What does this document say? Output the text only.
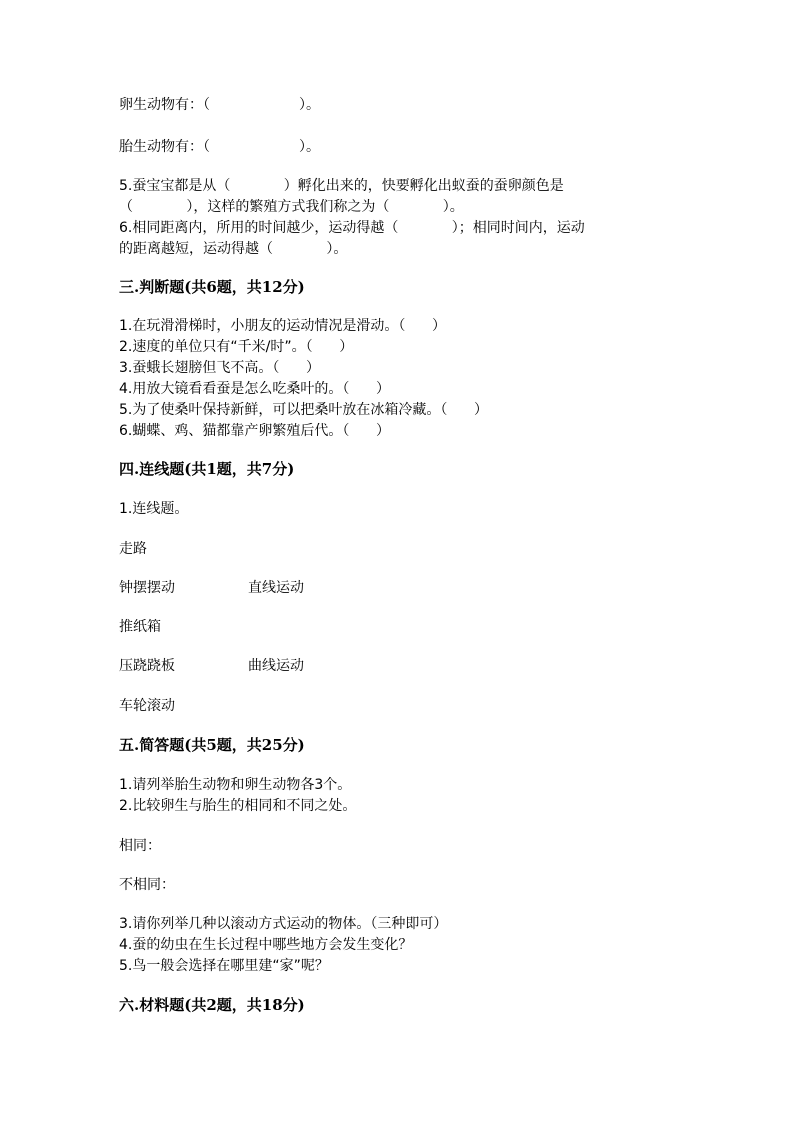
卵生动物有：（                    ）。
胎生动物有：（                    ）。
5.蚕宝宝都是从（            ）孵化出来的，快要孵化出蚁蚕的蚕卵颜色是
（            ），这样的繁殖方式我们称之为（            ）。
6.相同距离内，所用的时间越少，运动得越（            ）；相同时间内，运动
的距离越短，运动得越（            ）。
三.判断题(共6题，共12分)
1.在玩滑滑梯时，小朋友的运动情况是滑动。（      ）
2.速度的单位只有“千米/时”。（      ）
3.蚕蛾长翅膀但飞不高。（      ）
4.用放大镜看看蚕是怎么吃桑叶的。（      ）
5.为了使桑叶保持新鲜，可以把桑叶放在冰箱冷藏。（      ）
6.蝴蝶、鸡、猫都靠产卵繁殖后代。（      ）
四.连线题(共1题，共7分)
1.连线题。
走路
钟摆摆动	直线运动
推纸箱
压跷跷板	曲线运动
车轮滚动
五.简答题(共5题，共25分)
1.请列举胎生动物和卵生动物各3个。
2.比较卵生与胎生的相同和不同之处。
相同：
不相同：
3.请你列举几种以滚动方式运动的物体。（三种即可）
4.蚕的幼虫在生长过程中哪些地方会发生变化？
5.鸟一般会选择在哪里建“家”呢？
六.材料题(共2题，共18分)
